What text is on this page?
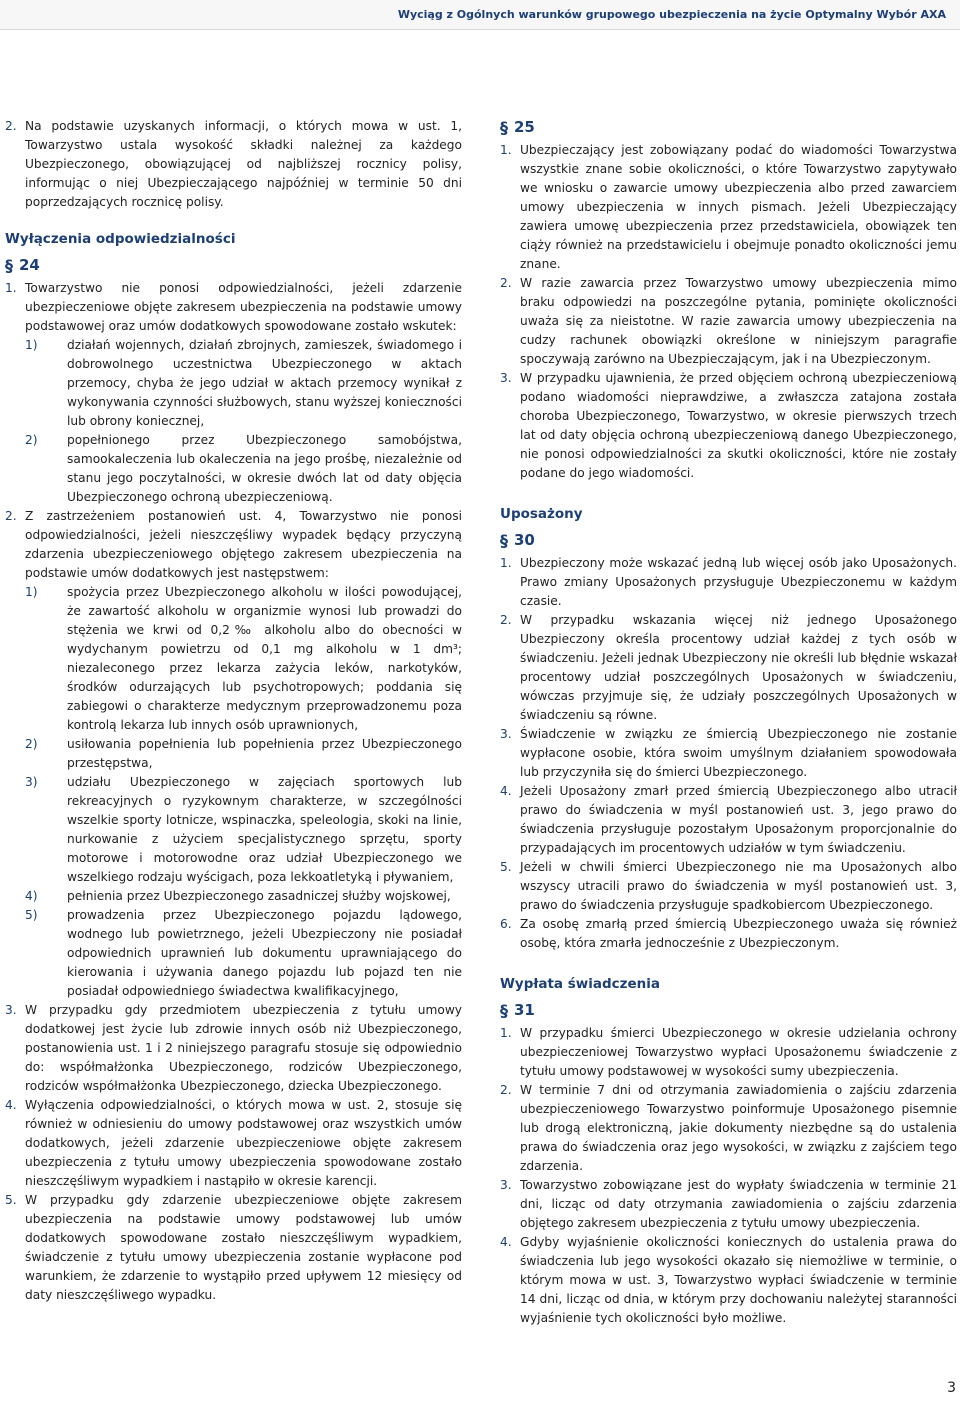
Wyciąg z Ogólnych warunków grupowego ubezpieczenia na życie Optymalny Wybór AXA
2. Na podstawie uzyskanych informacji, o których mowa w ust. 1, Towarzystwo ustala wysokość składki należnej za każdego Ubezpieczonego, obowiązującej od najbliższej rocznicy polisy, informując o niej Ubezpieczającego najpóźniej w terminie 50 dni poprzedzających rocznicę polisy.
Wyłączenia odpowiedzialności
§ 24
1. Towarzystwo nie ponosi odpowiedzialności, jeżeli zdarzenie ubezpieczeniowe objęte zakresem ubezpieczenia na podstawie umowy podstawowej oraz umów dodatkowych spowodowane zostało wskutek:
1) działań wojennych, działań zbrojnych, zamieszek, świadomego i dobrowolnego uczestnictwa Ubezpieczonego w aktach przemocy, chyba że jego udział w aktach przemocy wynikał z wykonywania czynności służbowych, stanu wyższej konieczności lub obrony koniecznej,
2) popełnionego przez Ubezpieczonego samobójstwa, samookaleczenia lub okaleczenia na jego prośbę, niezależnie od stanu jego poczytalności, w okresie dwóch lat od daty objęcia Ubezpieczonego ochroną ubezpieczeniową.
2. Z zastrzeżeniem postanowień ust. 4, Towarzystwo nie ponosi odpowiedzialności, jeżeli nieszczęśliwy wypadek będący przyczyną zdarzenia ubezpieczeniowego objętego zakresem ubezpieczenia na podstawie umów dodatkowych jest następstwem:
1) spożycia przez Ubezpieczonego alkoholu w ilości powodującej, że zawartość alkoholu w organizmie wynosi lub prowadzi do stężenia we krwi od 0,2‰ alkoholu albo do obecności w wydychanym powietrzu od 0,1 mg alkoholu w 1 dm³; niezaleconego przez lekarza zażycia leków, narkotyków, środków odurzających lub psychotropowych; poddania się zabiegowi o charakterze medycznym przeprowadzonemu poza kontrolą lekarza lub innych osób uprawnionych,
2) usiłowania popełnienia lub popełnienia przez Ubezpieczonego przestępstwa,
3) udziału Ubezpieczonego w zajęciach sportowych lub rekreacyjnych o ryzykownym charakterze, w szczególności wszelkie sporty lotnicze, wspinaczka, speleologia, skoki na linie, nurkowanie z użyciem specjalistycznego sprzętu, sporty motorowe i motorowodne oraz udział Ubezpieczonego we wszelkiego rodzaju wyścigach, poza lekkoatletyką i pływaniem,
4) pełnienia przez Ubezpieczonego zasadniczej służby wojskowej,
5) prowadzenia przez Ubezpieczonego pojazdu lądowego, wodnego lub powietrznego, jeżeli Ubezpieczony nie posiadał odpowiednich uprawnień lub dokumentu uprawniającego do kierowania i używania danego pojazdu lub pojazd ten nie posiadał odpowiedniego świadectwa kwalifikacyjnego,
3. W przypadku gdy przedmiotem ubezpieczenia z tytułu umowy dodatkowej jest życie lub zdrowie innych osób niż Ubezpieczonego, postanowienia ust. 1 i 2 niniejszego paragrafu stosuje się odpowiednio do: współmałżonka Ubezpieczonego, rodziców Ubezpieczonego, rodziców współmałżonka Ubezpieczonego, dziecka Ubezpieczonego.
4. Wyłączenia odpowiedzialności, o których mowa w ust. 2, stosuje się również w odniesieniu do umowy podstawowej oraz wszystkich umów dodatkowych, jeżeli zdarzenie ubezpieczeniowe objęte zakresem ubezpieczenia z tytułu umowy ubezpieczenia spowodowane zostało nieszczęśliwym wypadkiem i nastąpiło w okresie karencji.
5. W przypadku gdy zdarzenie ubezpieczeniowe objęte zakresem ubezpieczenia na podstawie umowy podstawowej lub umów dodatkowych spowodowane zostało nieszczęśliwym wypadkiem, świadczenie z tytułu umowy ubezpieczenia zostanie wypłacone pod warunkiem, że zdarzenie to wystąpiło przed upływem 12 miesięcy od daty nieszczęśliwego wypadku.
§ 25
1. Ubezpieczający jest zobowiązany podać do wiadomości Towarzystwa wszystkie znane sobie okoliczności, o które Towarzystwo zapytywało we wniosku o zawarcie umowy ubezpieczenia albo przed zawarciem umowy ubezpieczenia w innych pismach. Jeżeli Ubezpieczający zawiera umowę ubezpieczenia przez przedstawiciela, obowiązek ten ciąży również na przedstawicielu i obejmuje ponadto okoliczności jemu znane.
2. W razie zawarcia przez Towarzystwo umowy ubezpieczenia mimo braku odpowiedzi na poszczególne pytania, pominięte okoliczności uważa się za nieistotne. W razie zawarcia umowy ubezpieczenia na cudzy rachunek obowiązki określone w niniejszym paragrafie spoczywają zarówno na Ubezpieczającym, jak i na Ubezpieczonym.
3. W przypadku ujawnienia, że przed objęciem ochroną ubezpieczeniową podano wiadomości nieprawdziwe, a zwłaszcza zatajona została choroba Ubezpieczonego, Towarzystwo, w okresie pierwszych trzech lat od daty objęcia ochroną ubezpieczeniową danego Ubezpieczonego, nie ponosi odpowiedzialności za skutki okoliczności, które nie zostały podane do jego wiadomości.
Uposażony
§ 30
1. Ubezpieczony może wskazać jedną lub więcej osób jako Uposażonych. Prawo zmiany Uposażonych przysługuje Ubezpieczonemu w każdym czasie.
2. W przypadku wskazania więcej niż jednego Uposażonego Ubezpieczony określa procentowy udział każdej z tych osób w świadczeniu. Jeżeli jednak Ubezpieczony nie określi lub błędnie wskazał procentowy udział poszczególnych Uposażonych w świadczeniu, wówczas przyjmuje się, że udziały poszczególnych Uposażonych w świadczeniu są równe.
3. Świadczenie w związku ze śmiercią Ubezpieczonego nie zostanie wypłacone osobie, która swoim umyślnym działaniem spowodowała lub przyczyniła się do śmierci Ubezpieczonego.
4. Jeżeli Uposażony zmarł przed śmiercią Ubezpieczonego albo utracił prawo do świadczenia w myśl postanowień ust. 3, jego prawo do świadczenia przysługuje pozostałym Uposażonym proporcjonalnie do przypadających im procentowych udziałów w tym świadczeniu.
5. Jeżeli w chwili śmierci Ubezpieczonego nie ma Uposażonych albo wszyscy utracili prawo do świadczenia w myśl postanowień ust. 3, prawo do świadczenia przysługuje spadkobiercom Ubezpieczonego.
6. Za osobę zmarłą przed śmiercią Ubezpieczonego uważa się również osobę, która zmarła jednocześnie z Ubezpieczonym.
Wypłata świadczenia
§ 31
1. W przypadku śmierci Ubezpieczonego w okresie udzielania ochrony ubezpieczeniowej Towarzystwo wypłaci Uposażonemu świadczenie z tytułu umowy podstawowej w wysokości sumy ubezpieczenia.
2. W terminie 7 dni od otrzymania zawiadomienia o zajściu zdarzenia ubezpieczeniowego Towarzystwo poinformuje Uposażonego pisemnie lub drogą elektroniczną, jakie dokumenty niezbędne są do ustalenia prawa do świadczenia oraz jego wysokości, w związku z zajściem tego zdarzenia.
3. Towarzystwo zobowiązane jest do wypłaty świadczenia w terminie 21 dni, licząc od daty otrzymania zawiadomienia o zajściu zdarzenia objętego zakresem ubezpieczenia z tytułu umowy ubezpieczenia.
4. Gdyby wyjaśnienie okoliczności koniecznych do ustalenia prawa do świadczenia lub jego wysokości okazało się niemożliwe w terminie, o którym mowa w ust. 3, Towarzystwo wypłaci świadczenie w terminie 14 dni, licząc od dnia, w którym przy dochowaniu należytej staranności wyjaśnienie tych okoliczności było możliwe.
3
